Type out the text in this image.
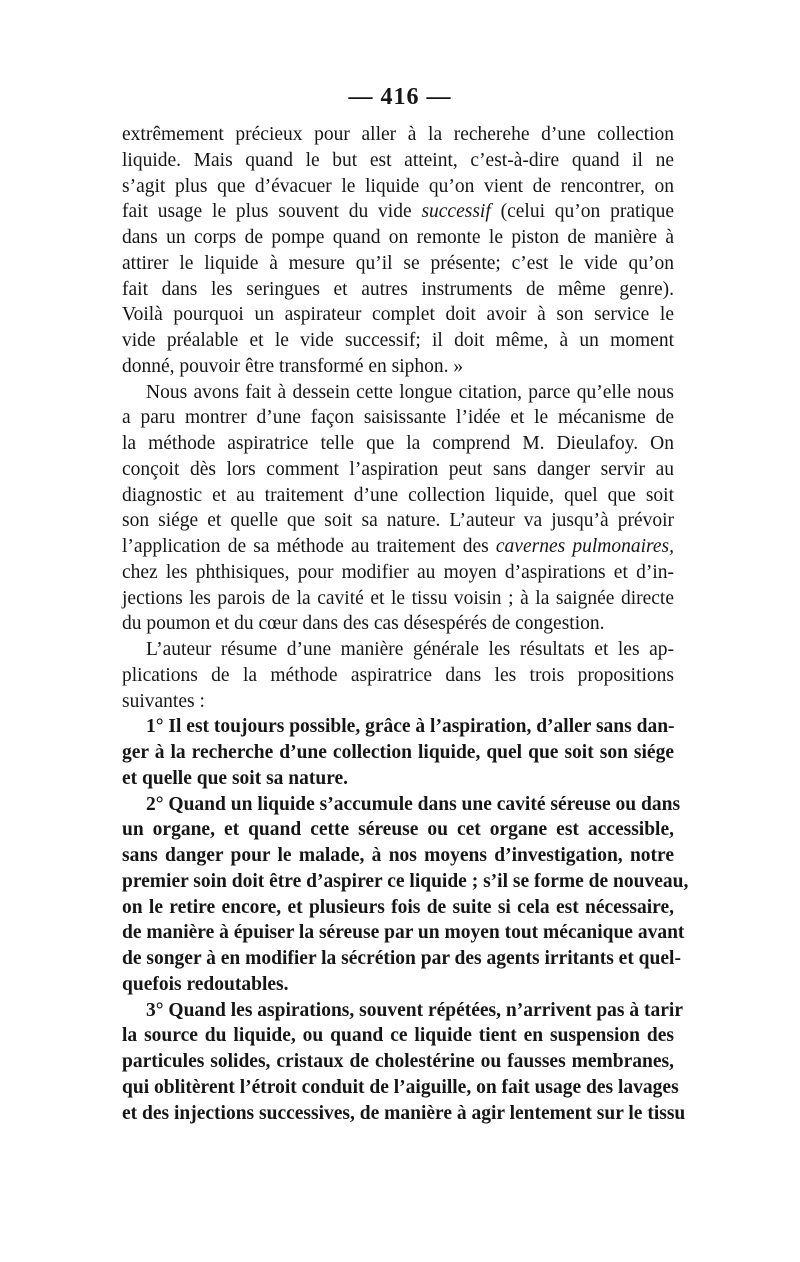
— 416 —
extrêmement précieux pour aller à la recherehe d’une collection
liquide. Mais quand le but est atteint, c’est-à-dire quand il ne
s’agit plus que d’évacuer le liquide qu’on vient de rencontrer, on
fait usage le plus souvent du vide successif (celui qu’on pratique
dans un corps de pompe quand on remonte le piston de manière à
attirer le liquide à mesure qu’il se présente; c’est le vide qu’on
fait dans les seringues et autres instruments de même genre).
Voilà pourquoi un aspirateur complet doit avoir à son service le
vide préalable et le vide successif; il doit même, à un moment
donné, pouvoir être transformé en siphon. »
Nous avons fait à dessein cette longue citation, parce qu’elle nous
a paru montrer d’une façon saisissante l’idée et le mécanisme de
la méthode aspiratrice telle que la comprend M. Dieulafoy. On
conçoit dès lors comment l’aspiration peut sans danger servir au
diagnostic et au traitement d’une collection liquide, quel que soit
son siége et quelle que soit sa nature. L’auteur va jusqu’à prévoir
l’application de sa méthode au traitement des cavernes pulmonaires,
chez les phthisiques, pour modifier au moyen d’aspirations et d’in-
jections les parois de la cavité et le tissu voisin ; à la saignée directe
du poumon et du cœur dans des cas désespérés de congestion.
L’auteur résume d’une manière générale les résultats et les ap-
plications de la méthode aspiratrice dans les trois propositions
suivantes :
1° Il est toujours possible, grâce à l’aspiration, d’aller sans dan-
ger à la recherche d’une collection liquide, quel que soit son siége
et quelle que soit sa nature.
2° Quand un liquide s’accumule dans une cavité séreuse ou dans
un organe, et quand cette séreuse ou cet organe est accessible,
sans danger pour le malade, à nos moyens d’investigation, notre
premier soin doit être d’aspirer ce liquide ; s’il se forme de nouveau,
on le retire encore, et plusieurs fois de suite si cela est nécessaire,
de manière à épuiser la séreuse par un moyen tout mécanique avant
de songer à en modifier la sécrétion par des agents irritants et quel-
quefois redoutables.
3° Quand les aspirations, souvent répétées, n’arrivent pas à tarir
la source du liquide, ou quand ce liquide tient en suspension des
particules solides, cristaux de cholestérine ou fausses membranes,
qui oblitèrent l’étroit conduit de l’aiguille, on fait usage des lavages
et des injections successives, de manière à agir lentement sur le tissu
